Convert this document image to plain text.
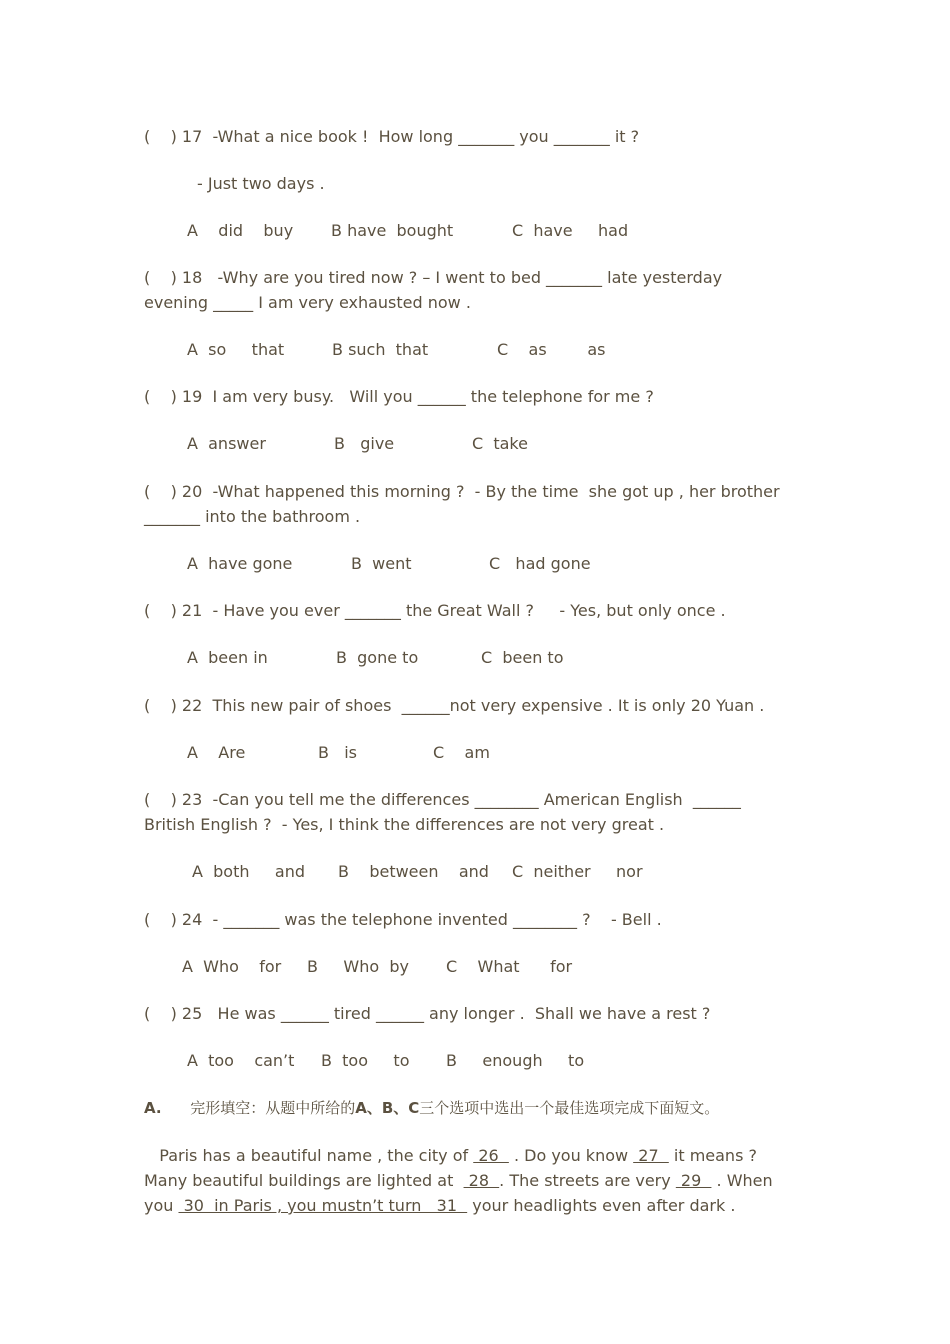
(    ) 17 -What a nice book !  How long _______ you _______ it ?
- Just two days .
A    did    buy B have  bought	C  have     had
(    ) 18 -Why are you tired now ? – I went to bed _______ late yesterday
evening _____ I am very exhausted now .
A  so     that	B such  that	C    as        as
(    ) 19 I am very busy.   Will you ______ the telephone for me ?
A  answer	B   give	C  take
(    ) 20 -What happened this morning ?  - By the time  she got up , her brother
_______ into the bathroom .
A  have gone	B  went	C   had gone
(    ) 21 - Have you ever _______ the Great Wall ?     - Yes, but only once .
A  been in	B  gone to	C  been to
(    ) 22 This new pair of shoes  ______not very expensive . It is only 20 Yuan .
A    Are	B   is	C    am
(    ) 23 -Can you tell me the differences ________ American English  ______
British English ?  - Yes, I think the differences are not very great .
A  both     and B    between    and C  neither     nor
(    ) 24 - _______ was the telephone invented ________ ?    - Bell .
A  Who    for B     Who  by C    What      for
(    ) 25 He was ______ tired ______ any longer .  Shall we have a rest ?
A  too    can’t B  too     to B     enough     to
A. 完形填空：从题中所给的A、B、C三个选项中选出一个最佳选项完成下面短文。
Paris has a beautiful name , the city of  26   . Do you know  27   it means ?
Many beautiful buildings are lighted at   28  . The streets are very  29   . When
you  30  in Paris , you mustn’t turn   31   your headlights even after dark .
